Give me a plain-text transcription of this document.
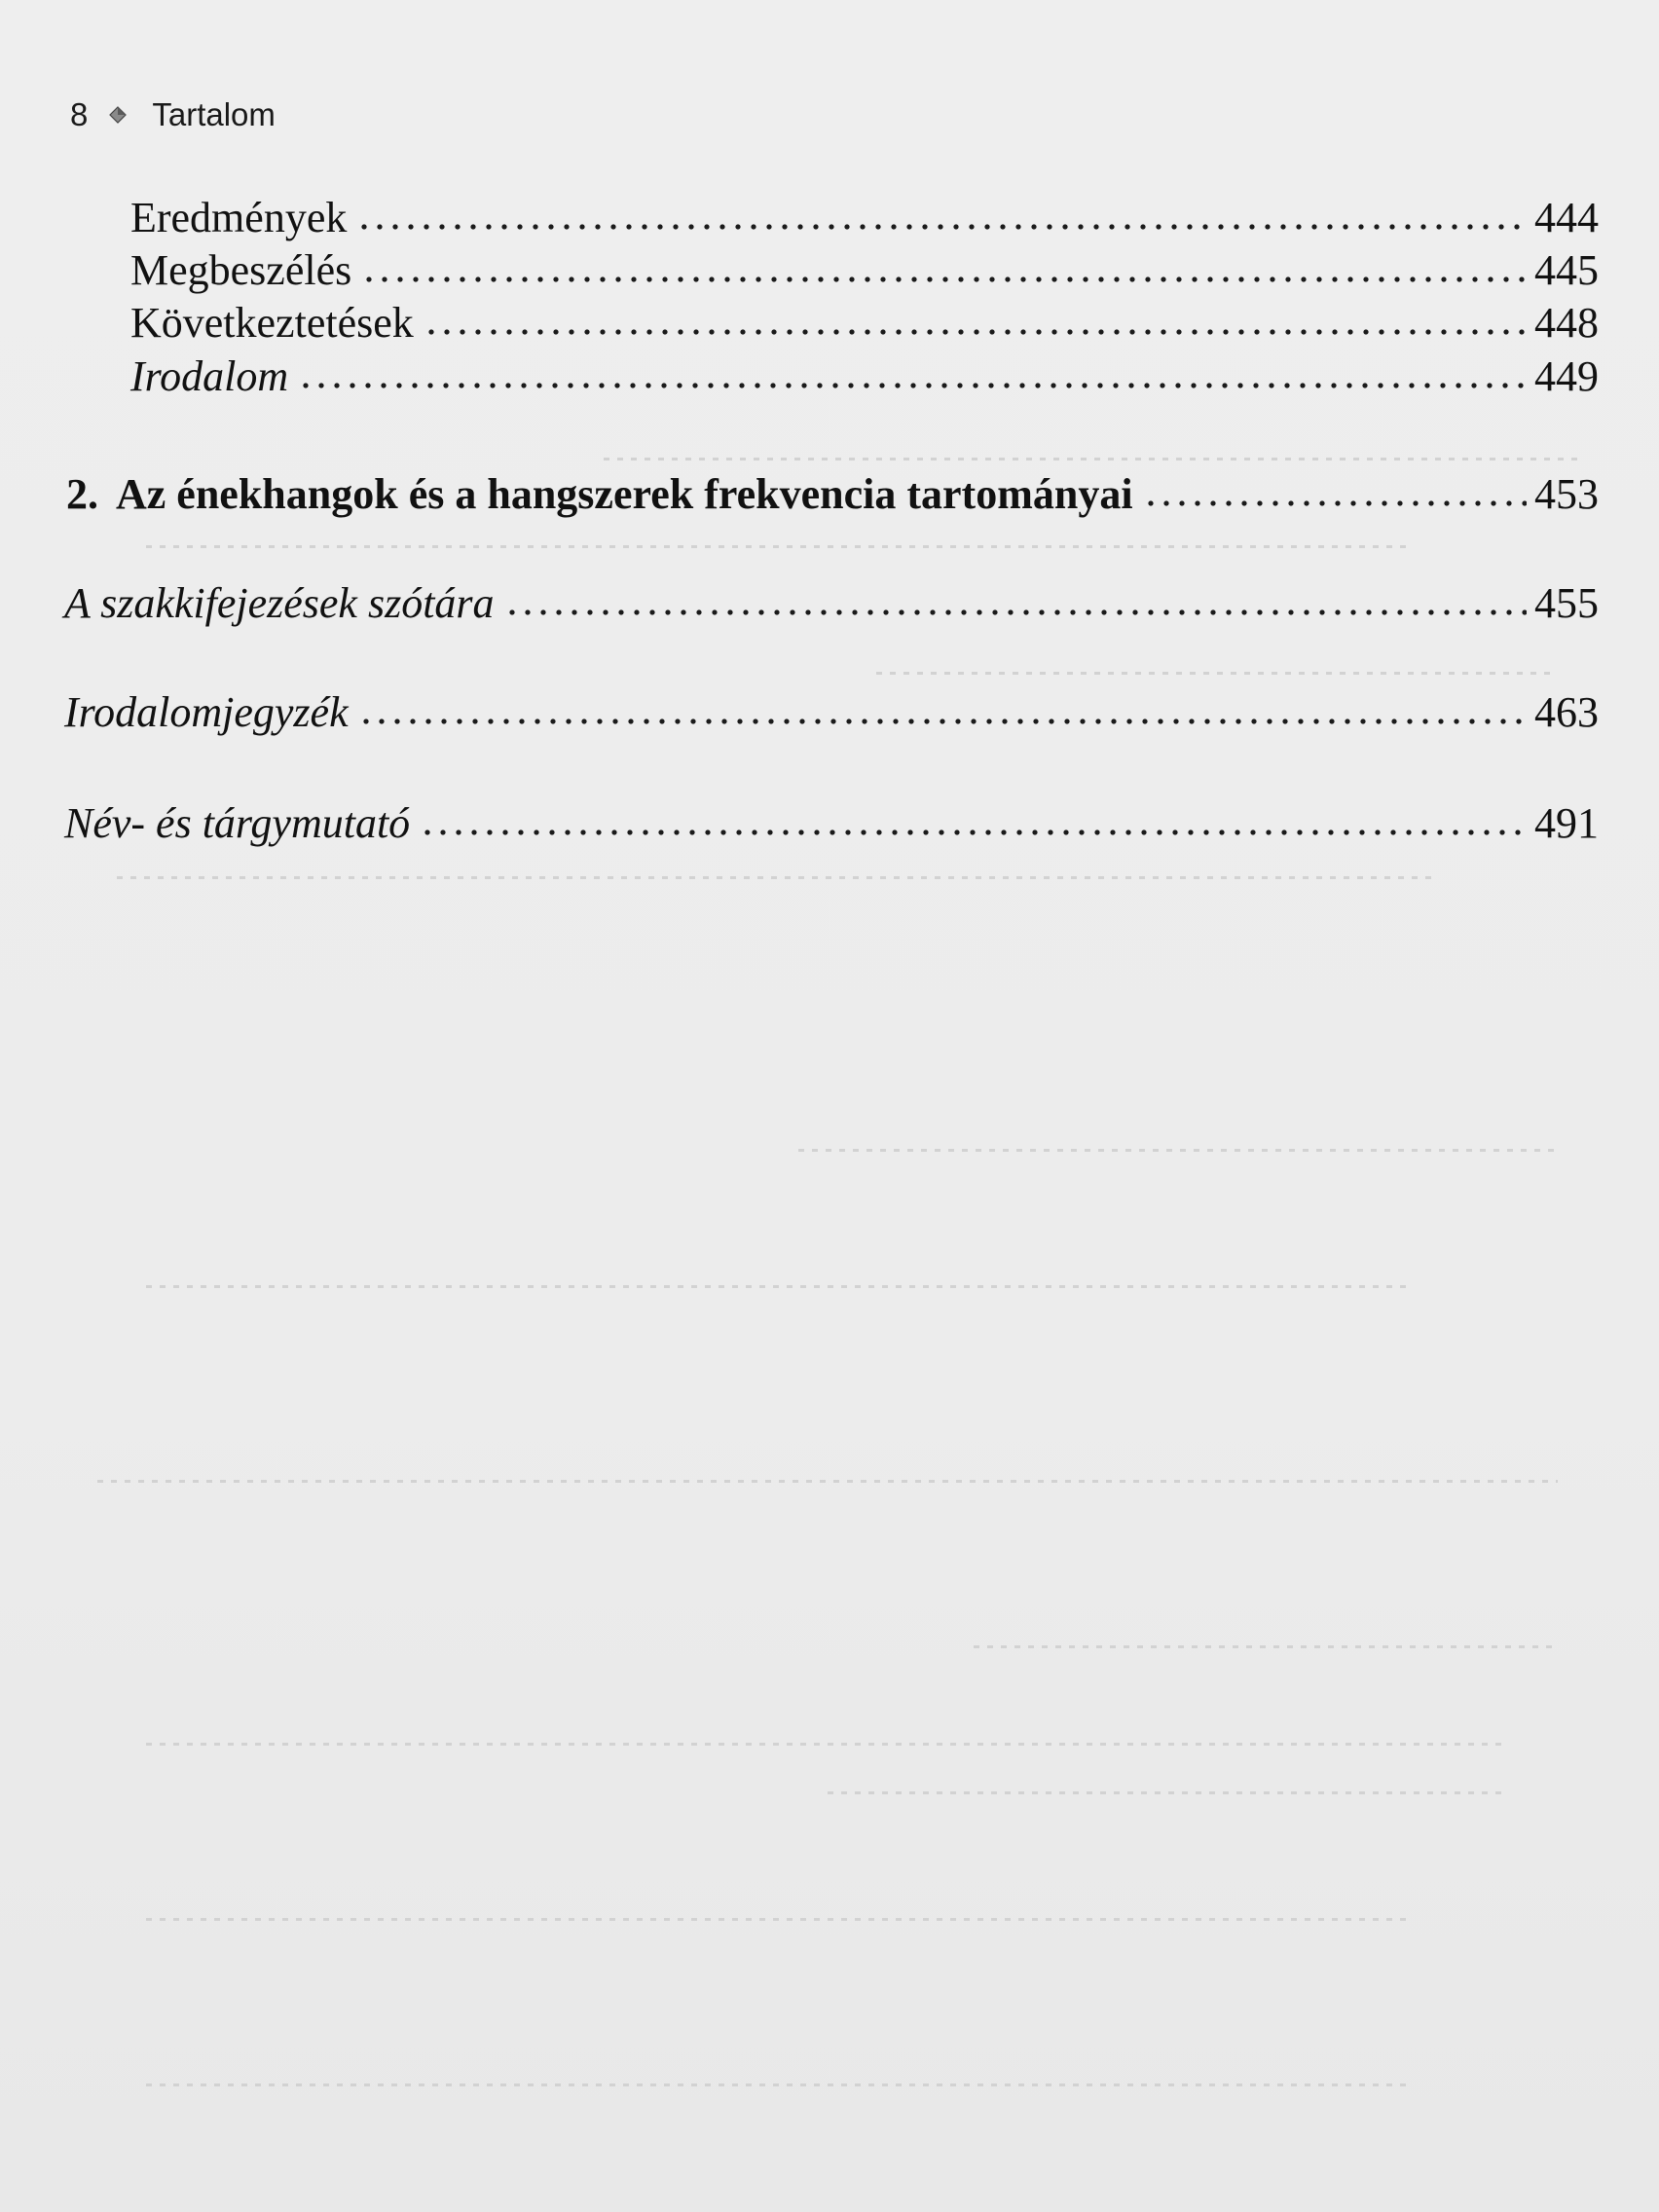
8 Tartalom
Eredmények	444
Megbeszélés	445
Következtetések	448
Irodalom	449
2. Az énekhangok és a hangszerek frekvencia tartományai	453
A szakkifejezések szótára	455
Irodalomjegyzék	463
Név- és tárgymutató	491
